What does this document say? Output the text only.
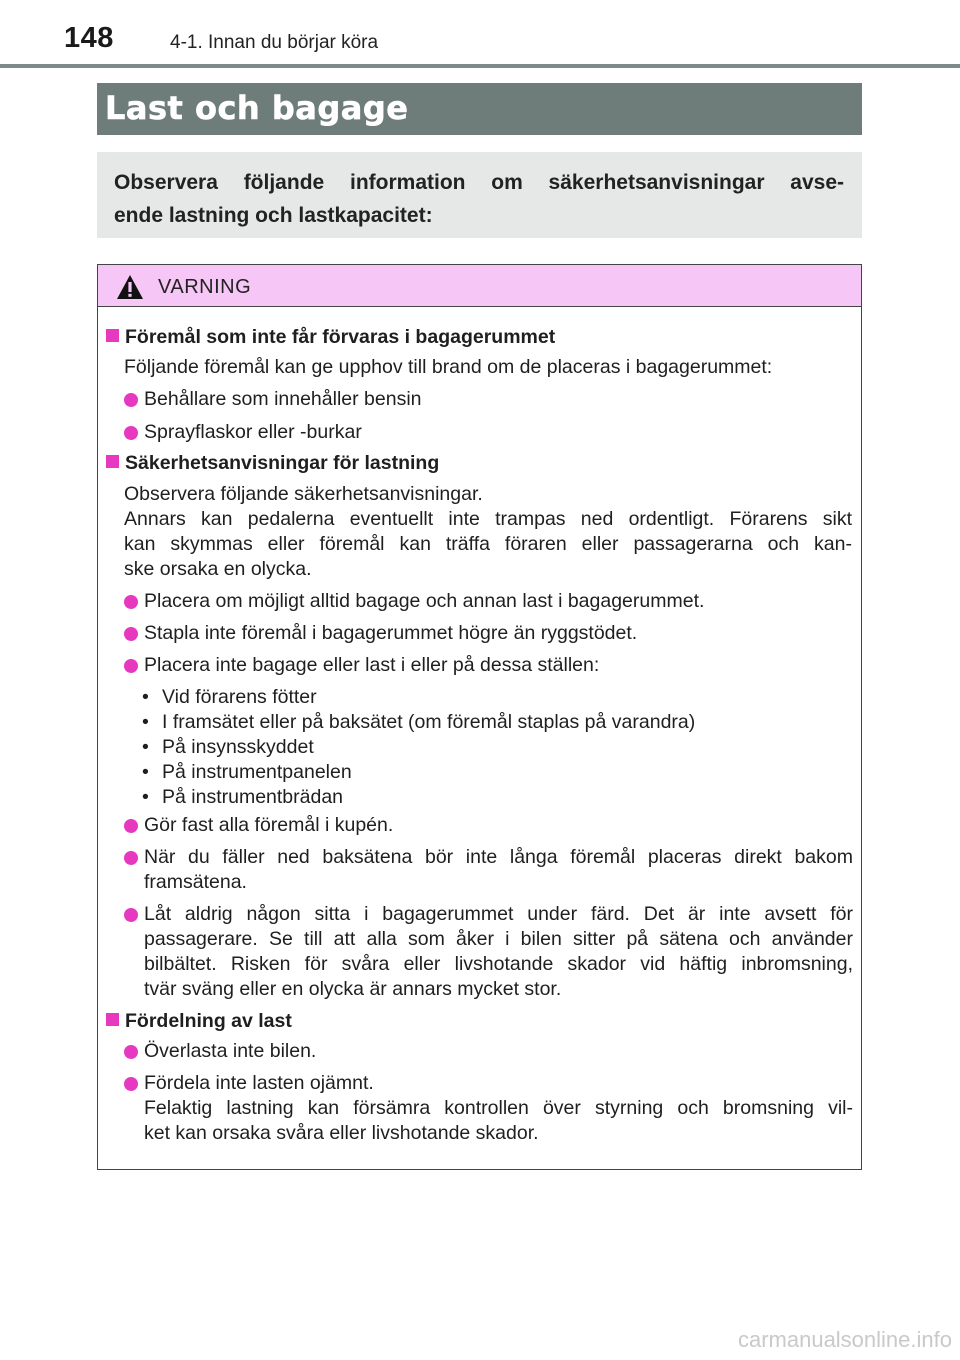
148	4-1. Innan du börjar köra
Last och bagage
Observera följande information om säkerhetsanvisningar avse-
ende lastning och lastkapacitet:
VARNING
Föremål som inte får förvaras i bagagerummet
Följande föremål kan ge upphov till brand om de placeras i bagagerummet:
Behållare som innehåller bensin
Sprayflaskor eller -burkar
Säkerhetsanvisningar för lastning
Observera följande säkerhetsanvisningar.
Annars kan pedalerna eventuellt inte trampas ned ordentligt. Förarens sikt
kan skymmas eller föremål kan träffa föraren eller passagerarna och kan-
ske orsaka en olycka.
Placera om möjligt alltid bagage och annan last i bagagerummet.
Stapla inte föremål i bagagerummet högre än ryggstödet.
Placera inte bagage eller last i eller på dessa ställen:
• Vid förarens fötter
• I framsätet eller på baksätet (om föremål staplas på varandra)
• På insynsskyddet
• På instrumentpanelen
• På instrumentbrädan
Gör fast alla föremål i kupén.
När du fäller ned baksätena bör inte långa föremål placeras direkt bakom
framsätena.
Låt aldrig någon sitta i bagagerummet under färd. Det är inte avsett för
passagerare. Se till att alla som åker i bilen sitter på sätena och använder
bilbältet. Risken för svåra eller livshotande skador vid häftig inbromsning,
tvär sväng eller en olycka är annars mycket stor.
Fördelning av last
Överlasta inte bilen.
Fördela inte lasten ojämnt.
Felaktig lastning kan försämra kontrollen över styrning och bromsning vil-
ket kan orsaka svåra eller livshotande skador.
carmanualsonline.info
